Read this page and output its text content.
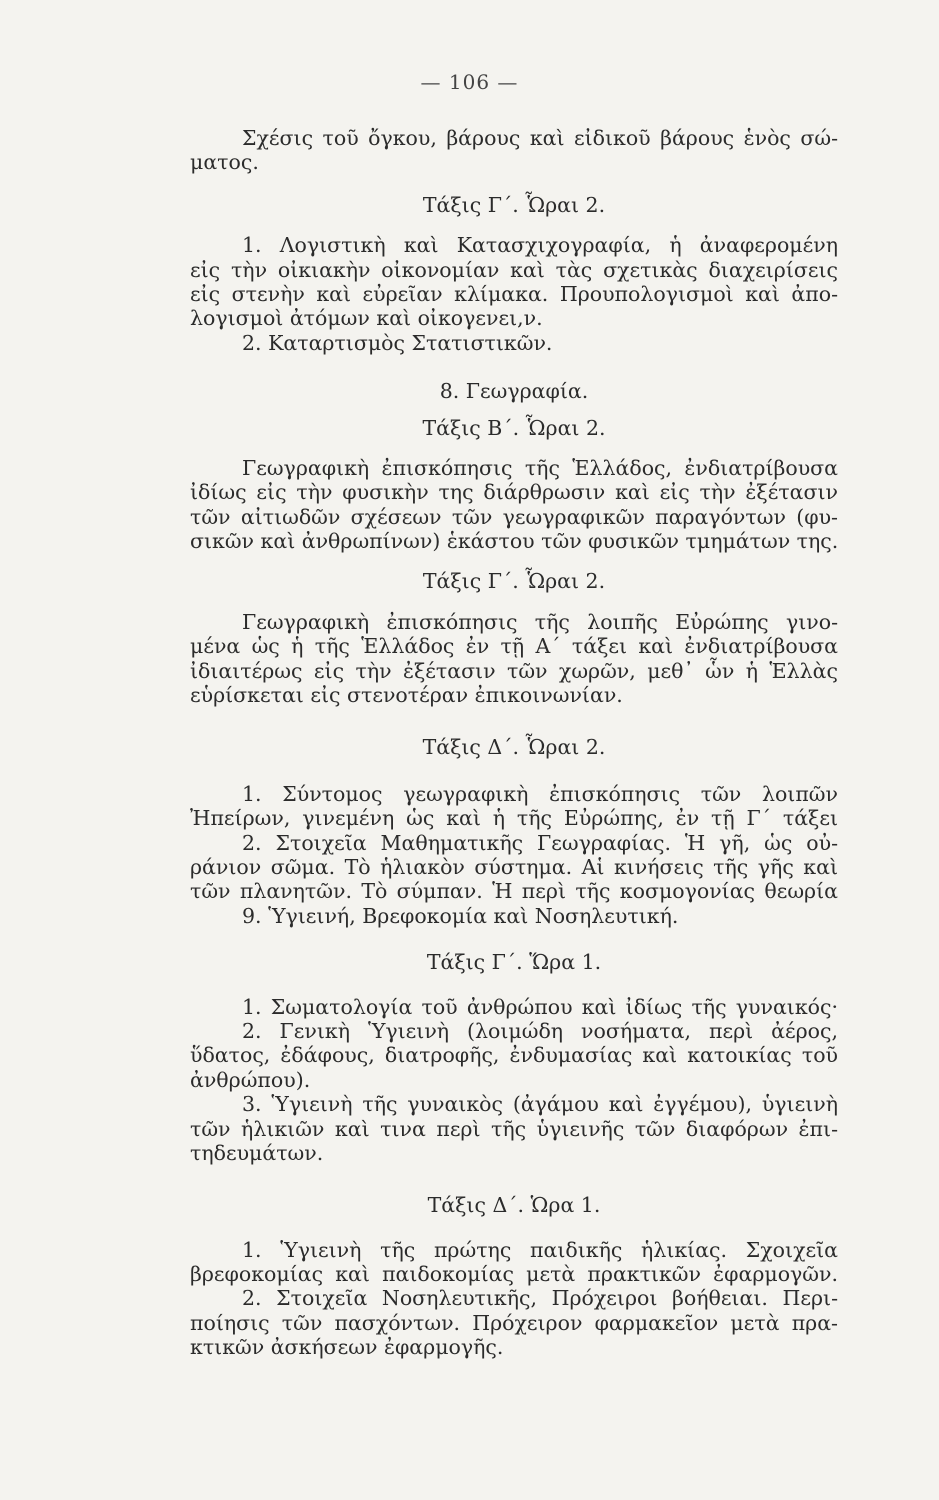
— 106 —
Σχέσις τοῦ ὄγκου, βάρους καὶ εἰδικοῦ βάρους ἑνὸς σώ-
ματος.
Τάξις Γ΄. Ὧραι 2.
1. Λογιστικὴ καὶ Κατασχιχογραφία, ἡ ἀναφερομένη
εἰς τὴν οἰκιακὴν οἰκονομίαν καὶ τὰς σχετικὰς διαχειρίσεις
εἰς στενὴν καὶ εὐρεῖαν κλίμακα. Προυπολογισμοὶ καὶ ἀπο-
λογισμοὶ ἀτόμων καὶ οἰκογενει,ν.
2. Καταρτισμὸς Στατιστικῶν.
8. Γεωγραφία.
Τάξις Β΄. Ὧραι 2.
Γεωγραφικὴ ἐπισκόπησις τῆς Ἑλλάδος, ἐνδιατρίβουσα
ἰδίως εἰς τὴν φυσικὴν της διάρθρωσιν καὶ εἰς τὴν ἐξέτασιν
τῶν αἰτιωδῶν σχέσεων τῶν γεωγραφικῶν παραγόντων (φυ-
σικῶν καὶ ἀνθρωπίνων) ἑκάστου τῶν φυσικῶν τμημάτων της.
Τάξις Γ΄. Ὧραι 2.
Γεωγραφικὴ ἐπισκόπησις τῆς λοιπῆς Εὐρώπης γινο-
μένα ὡς ἡ τῆς Ἑλλάδος ἐν τῇ Α΄ τάξει καὶ ἐνδιατρίβουσα
ἰδιαιτέρως εἰς τὴν ἐξέτασιν τῶν χωρῶν, μεθ᾽ ὧν ἡ Ἑλλὰς
εὑρίσκεται εἰς στενοτέραν ἐπικοινωνίαν.
Τάξις Δ΄. Ὧραι 2.
1. Σύντομος γεωγραφικὴ ἐπισκόπησις τῶν λοιπῶν
Ἠπείρων, γινεμένη ὡς καὶ ἡ τῆς Εὐρώπης, ἐν τῇ Γ΄ τάξει
2. Στοιχεῖα Μαθηματικῆς Γεωγραφίας. Ἡ γῆ, ὡς οὐ-
ράνιον σῶμα. Τὸ ἡλιακὸν σύστημα. Αἱ κινήσεις τῆς γῆς καὶ
τῶν πλανητῶν. Τὸ σύμπαν. Ἡ περὶ τῆς κοσμογονίας θεωρία
9. Ὑγιεινή, Βρεφοκομία καὶ Νοσηλευτική.
Τάξις Γ΄. Ὥρα 1.
1. Σωματολογία τοῦ ἀνθρώπου καὶ ἰδίως τῆς γυναικός·
2. Γενικὴ Ὑγιεινὴ (λοιμώδη νοσήματα, περὶ ἀέρος,
ὕδατος, ἐδάφους, διατροφῆς, ἐνδυμασίας καὶ κατοικίας τοῦ
ἀνθρώπου).
3. Ὑγιεινὴ τῆς γυναικὸς (ἀγάμου καὶ ἐγγέμου), ὑγιεινὴ
τῶν ἡλικιῶν καὶ τινα περὶ τῆς ὑγιεινῆς τῶν διαφόρων ἐπι-
τηδευμάτων.
Τάξις Δ΄. Ὡρα 1.
1. Ὑγιεινὴ τῆς πρώτης παιδικῆς ἡλικίας. Σχοιχεῖα
βρεφοκομίας καὶ παιδοκομίας μετὰ πρακτικῶν ἐφαρμογῶν.
2. Στοιχεῖα Νοσηλευτικῆς, Πρόχειροι βοήθειαι. Περι-
ποίησις τῶν πασχόντων. Πρόχειρον φαρμακεῖον μετὰ πρα-
κτικῶν ἀσκήσεων ἐφαρμογῆς.
